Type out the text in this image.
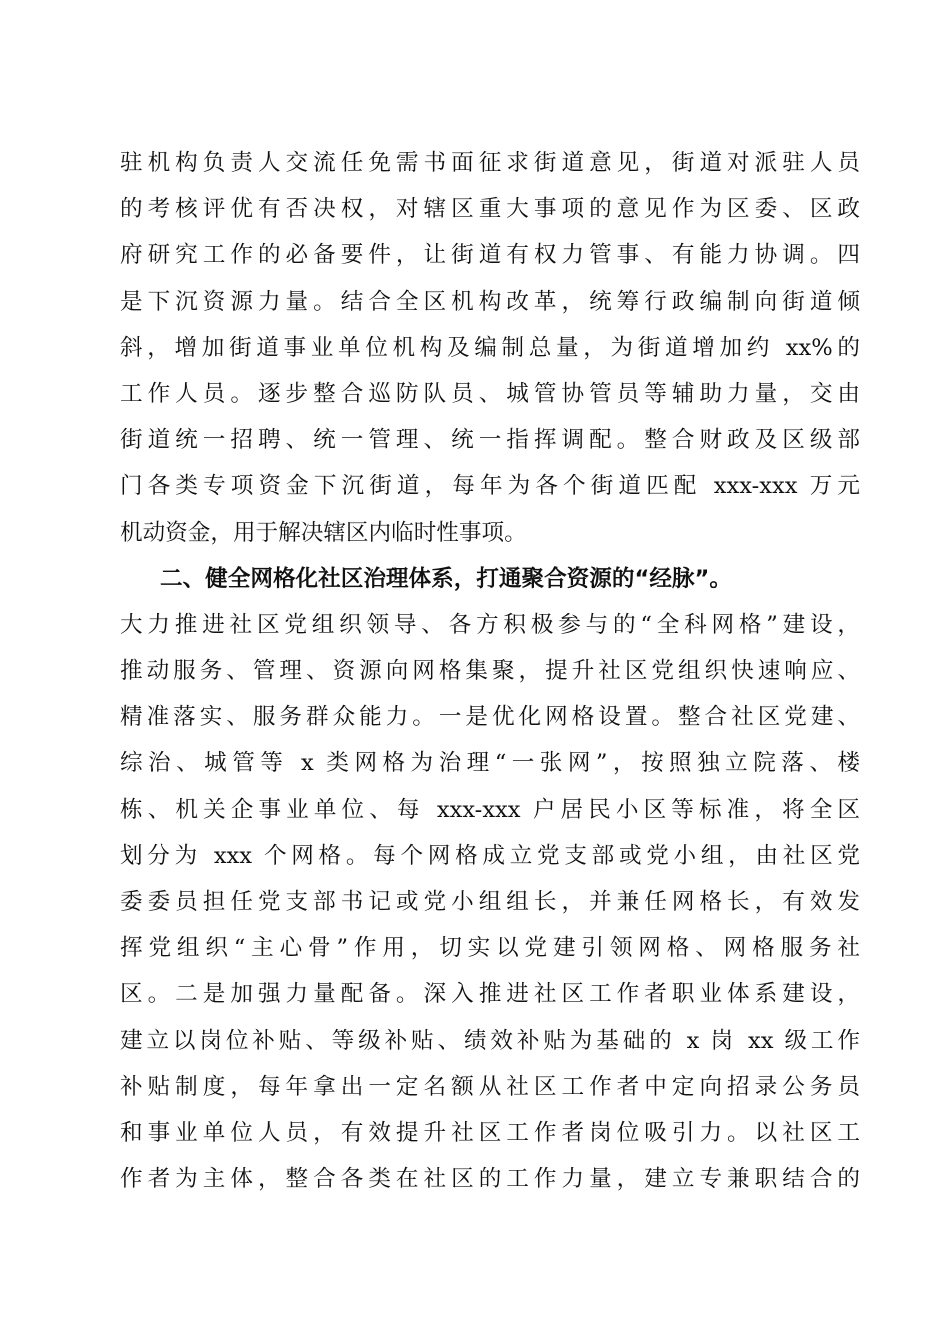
驻机构负责人交流任免需书面征求街道意见，街道对派驻人员
的考核评优有否决权，对辖区重大事项的意见作为区委、区政
府研究工作的必备要件，让街道有权力管事、有能力协调。四
是下沉资源力量。结合全区机构改革，统筹行政编制向街道倾
斜，增加街道事业单位机构及编制总量，为街道增加约 xx%的
工作人员。逐步整合巡防队员、城管协管员等辅助力量，交由
街道统一招聘、统一管理、统一指挥调配。整合财政及区级部
门各类专项资金下沉街道，每年为各个街道匹配 xxx-xxx 万元
机动资金，用于解决辖区内临时性事项。
二、健全网格化社区治理体系，打通聚合资源的“经脉”。
大力推进社区党组织领导、各方积极参与的“全科网格”建设，
推动服务、管理、资源向网格集聚，提升社区党组织快速响应、
精准落实、服务群众能力。一是优化网格设置。整合社区党建、
综治、城管等 x 类网格为治理“一张网”，按照独立院落、楼
栋、机关企事业单位、每 xxx-xxx 户居民小区等标准，将全区
划分为 xxx 个网格。每个网格成立党支部或党小组，由社区党
委委员担任党支部书记或党小组组长，并兼任网格长，有效发
挥党组织“主心骨”作用，切实以党建引领网格、网格服务社
区。二是加强力量配备。深入推进社区工作者职业体系建设，
建立以岗位补贴、等级补贴、绩效补贴为基础的 x 岗 xx 级工作
补贴制度，每年拿出一定名额从社区工作者中定向招录公务员
和事业单位人员，有效提升社区工作者岗位吸引力。以社区工
作者为主体，整合各类在社区的工作力量，建立专兼职结合的
